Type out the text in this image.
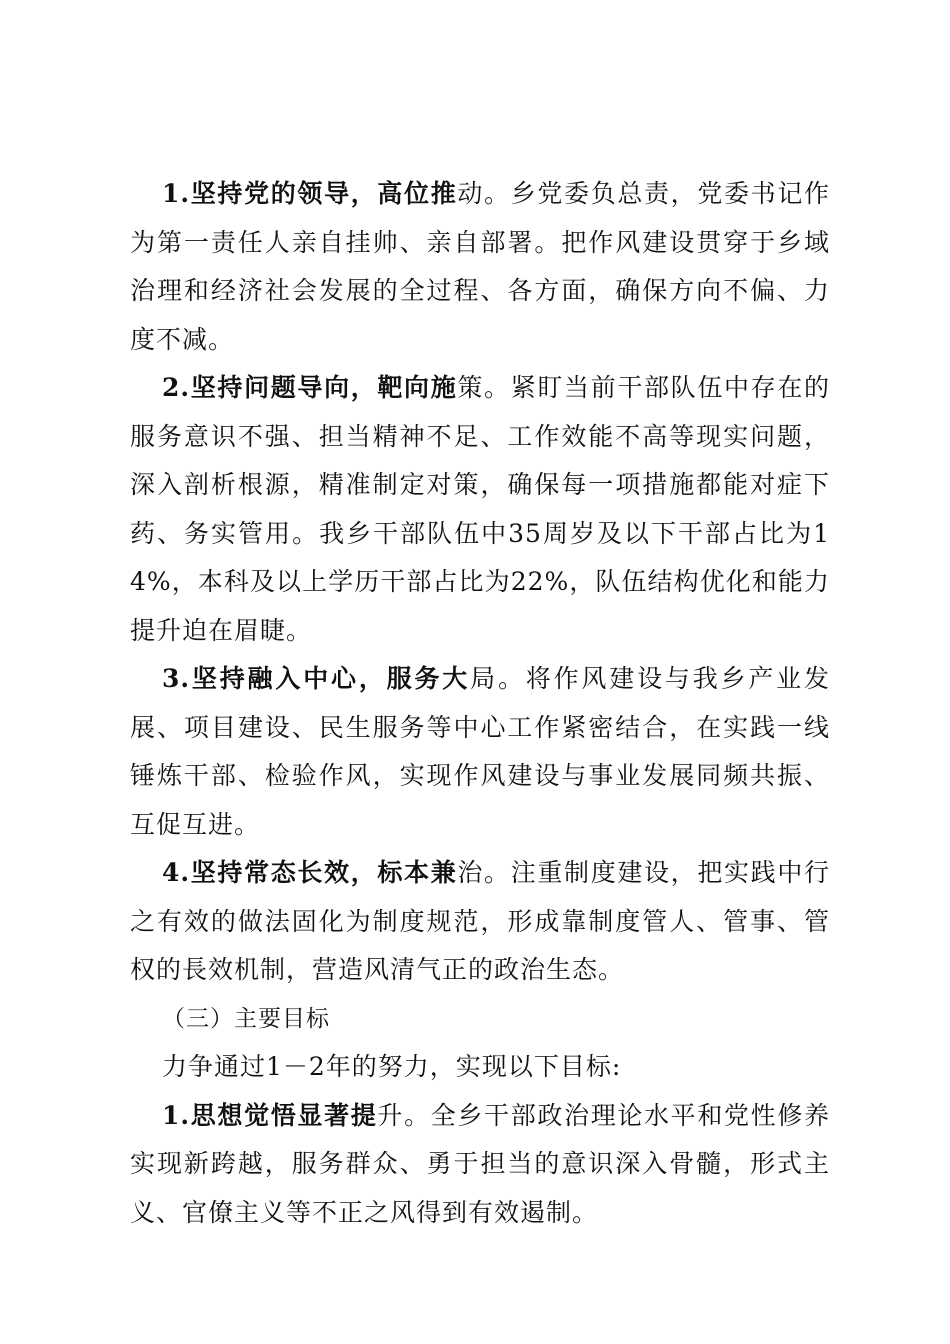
1.坚持党的领导，高位推动。乡党委负总责，党委书记作为第一责任人亲自挂帅、亲自部署。把作风建设贯穿于乡域治理和经济社会发展的全过程、各方面，确保方向不偏、力度不减。

2.坚持问题导向，靶向施策。紧盯当前干部队伍中存在的服务意识不强、担当精神不足、工作效能不高等现实问题，深入剖析根源，精准制定对策，确保每一项措施都能对症下药、务实管用。我乡干部队伍中35周岁及以下干部占比为14%，本科及以上学历干部占比为22%，队伍结构优化和能力提升迫在眉睫。

3.坚持融入中心，服务大局。将作风建设与我乡产业发展、项目建设、民生服务等中心工作紧密结合，在实践一线锤炼干部、检验作风，实现作风建设与事业发展同频共振、互促互进。

4.坚持常态长效，标本兼治。注重制度建设，把实践中行之有效的做法固化为制度规范，形成靠制度管人、管事、管权的長效机制，营造风清气正的政治生态。

（三）主要目标

力争通过1－2年的努力，实现以下目标:

1.思想觉悟显著提升。全乡干部政治理论水平和党性修养实现新跨越，服务群众、勇于担当的意识深入骨髓，形式主义、官僚主义等不正之风得到有效遏制。
